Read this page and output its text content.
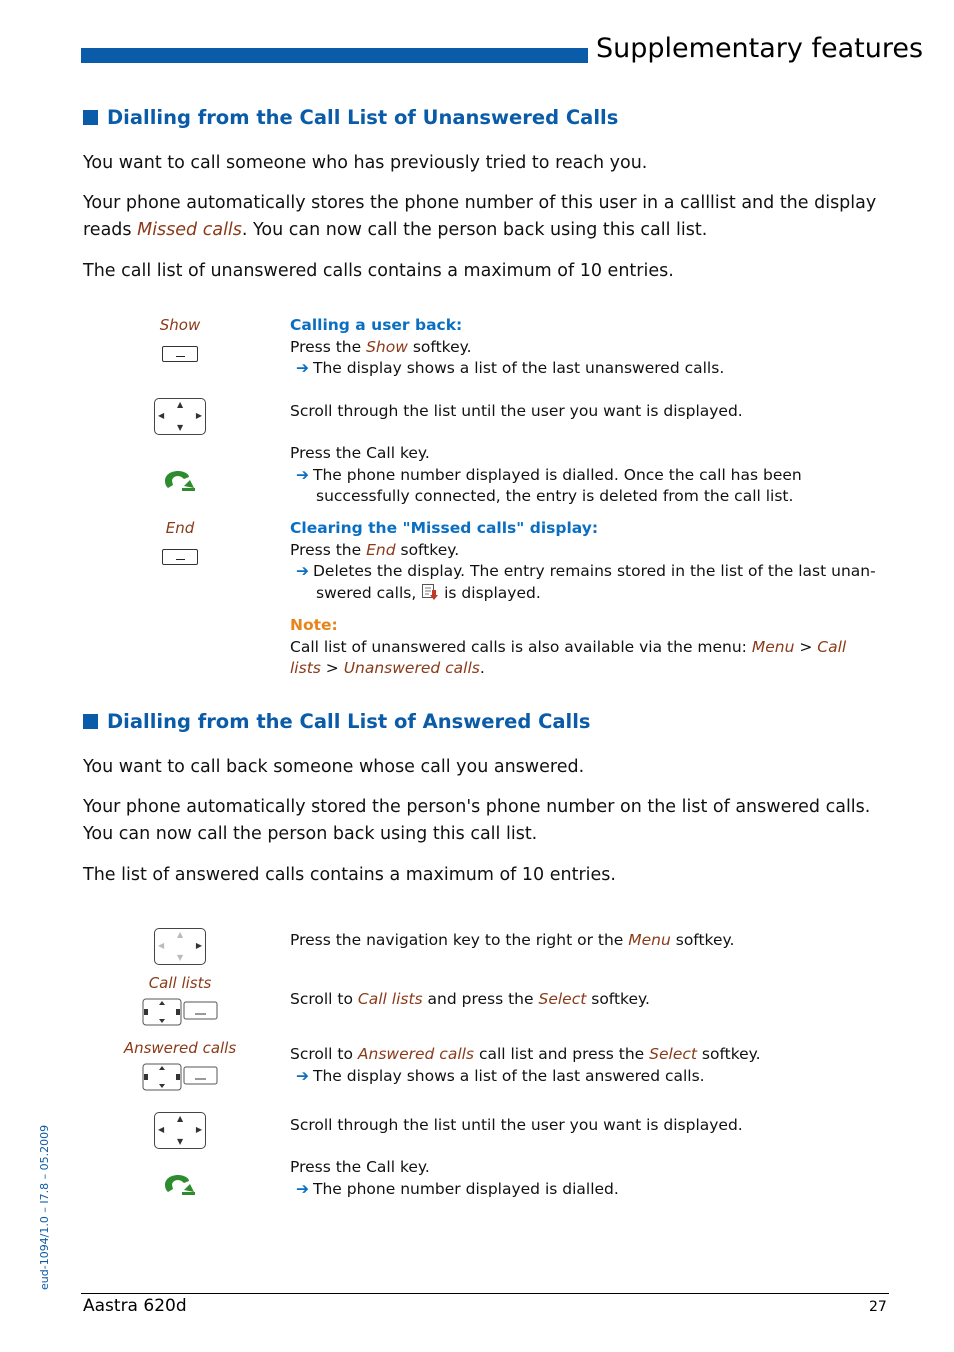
Supplementary features
Dialling from the Call List of Unanswered Calls
You want to call someone who has previously tried to reach you.
Your phone automatically stores the phone number of this user in a calllist and the display reads Missed calls. You can now call the person back using this call list.
The call list of unanswered calls contains a maximum of 10 entries.
Show
▲
▼
◀	▶
End
Calling a user back:
Press the Show softkey.
➔ The display shows a list of the last unanswered calls.
Scroll through the list until the user you want is displayed.
Press the Call key.
➔ The phone number displayed is dialled. Once the call has been successfully connected, the entry is deleted from the call list.
Clearing the "Missed calls" display:
Press the End softkey.
➔ Deletes the display. The entry remains stored in the list of the last unan-swered calls,  is displayed.
Note:
Call list of unanswered calls is also available via the menu: Menu > Call lists > Unanswered calls.
Dialling from the Call List of Answered Calls
You want to call back someone whose call you answered.
Your phone automatically stored the person's phone number on the list of answered calls. You can now call the person back using this call list.
The list of answered calls contains a maximum of 10 entries.
▲
▼
◀	▶
Call lists
Answered calls
▲
▼
◀	▶
Press the navigation key to the right or the Menu softkey.
Scroll to Call lists and press the Select softkey.
Scroll to Answered calls call list and press the Select softkey.
➔ The display shows a list of the last answered calls.
Scroll through the list until the user you want is displayed.
Press the Call key.
➔ The phone number displayed is dialled.
eud-1094/1.0 – I7.8 – 05.2009
Aastra 620d	27
